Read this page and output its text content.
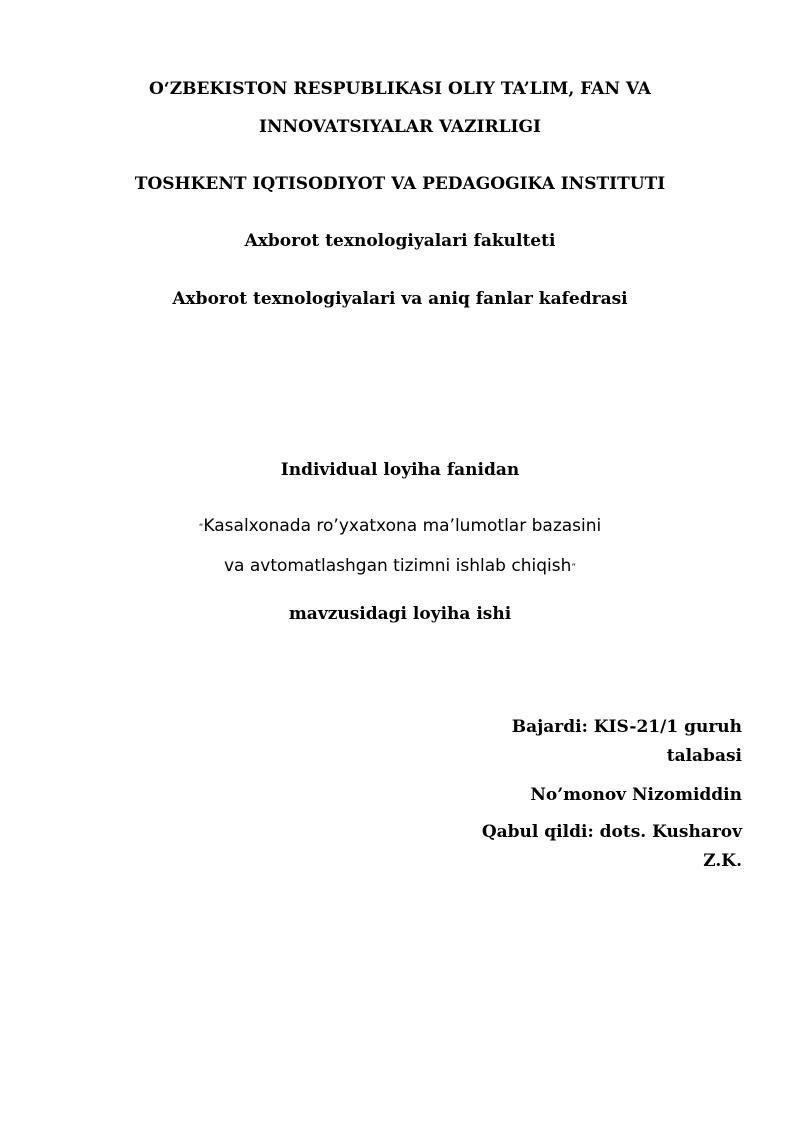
O‘ZBEKISTON RESPUBLIKASI OLIY TA’LIM, FAN VA
INNOVATSIYALAR VAZIRLIGI
TOSHKENT IQTISODIYOT VA PEDAGOGIKA INSTITUTI
Axborot texnologiyalari fakulteti
Axborot texnologiyalari va aniq fanlar kafedrasi
Individual loyiha fanidan
“Kasalxonada ro’yxatxona ma’lumotlar bazasini
va avtomatlashgan tizimni ishlab chiqish”
mavzusidagi loyiha ishi
Bajardi: KIS-21/1 guruh
talabasi
No’monov Nizomiddin
Qabul qildi: dots. Kusharov
Z.K.
